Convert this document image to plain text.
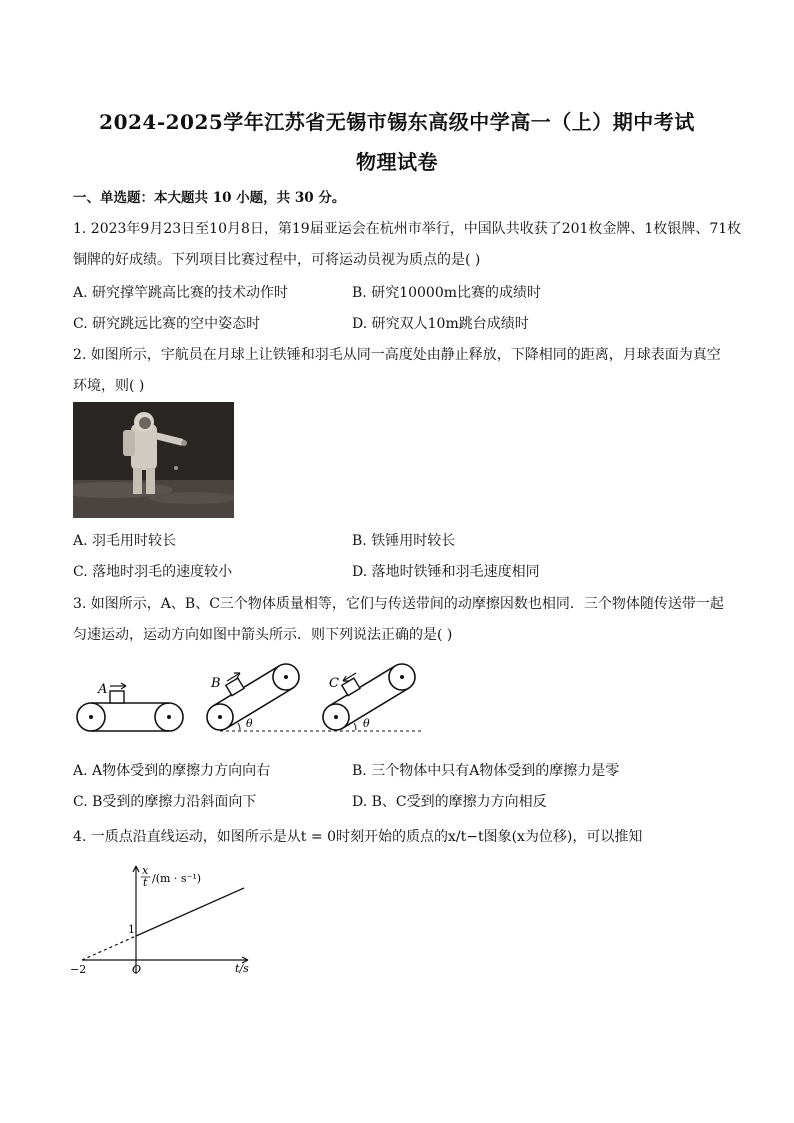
2024-2025学年江苏省无锡市锡东高级中学高一（上）期中考试
物理试卷
一、单选题：本大题共 10 小题，共 30 分。
1. 2023年9月23日至10月8日，第19届亚运会在杭州市举行，中国队共收获了201枚金牌、1枚银牌、71枚
铜牌的好成绩。下列项目比赛过程中，可将运动员视为质点的是( )
A. 研究撑竿跳高比赛的技术动作时	B. 研究10000m比赛的成绩时
C. 研究跳远比赛的空中姿态时	D. 研究双人10m跳台成绩时
2. 如图所示，宇航员在月球上让铁锤和羽毛从同一高度处由静止释放，下降相同的距离，月球表面为真空
环境，则( )
A. 羽毛用时较长	B. 铁锤用时较长
C. 落地时羽毛的速度较小	D. 落地时铁锤和羽毛速度相同
3. 如图所示，A、B、C三个物体质量相等，它们与传送带间的动摩擦因数也相同．三个物体随传送带一起
匀速运动，运动方向如图中箭头所示．则下列说法正确的是( )
A	B
θ
C
θ
A. A物体受到的摩擦力方向向右	B. 三个物体中只有A物体受到的摩擦力是零
C. B受到的摩擦力沿斜面向下	D. B、C受到的摩擦力方向相反
4. 一质点沿直线运动，如图所示是从t = 0时刻开始的质点的x/t−t图象(x为位移)，可以推知
x
t /(m · s⁻¹)
t/s
O
1
−2
